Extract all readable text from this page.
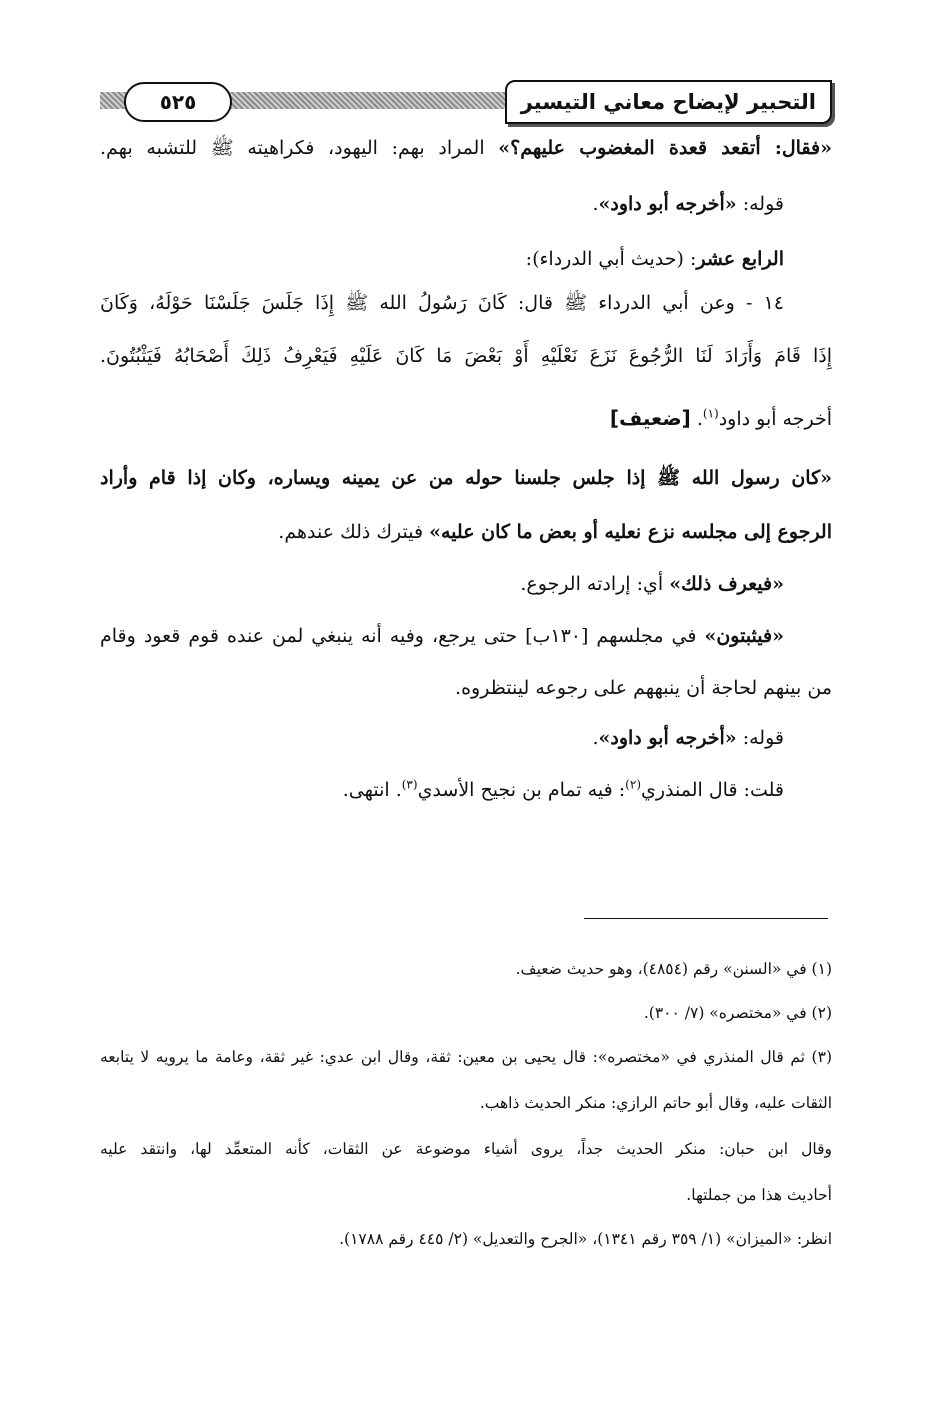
٥٢٥	التحبير لإيضاح معاني التيسير
«فقال: أتقعد قعدة المغضوب عليهم؟» المراد بهم: اليهود، فكراهيته ﷺ للتشبه بهم.
قوله: «أخرجه أبو داود».
الرابع عشر: (حديث أبي الدرداء):
١٤ - وعن أبي الدرداء ﷺ قال: كَانَ رَسُولُ الله ﷺ إِذَا جَلَسَ جَلَسْنَا حَوْلَهُ، وَكَانَ
إِذَا قَامَ وَأَرَادَ لَنَا الرُّجُوعَ نَزَعَ نَعْلَيْهِ أَوْ بَعْضَ مَا كَانَ عَلَيْهِ فَيَعْرِفُ ذَلِكَ أَصْحَابُهُ فَيَثْبُتُونَ.
أخرجه أبو داود$^{(١)}$. [ضعيف]
«كان رسول الله ﷺ إذا جلس جلسنا حوله من عن يمينه ويساره، وكان إذا قام وأراد
الرجوع إلى مجلسه نزع نعليه أو بعض ما كان عليه» فيترك ذلك عندهم.
«فيعرف ذلك» أي: إرادته الرجوع.
«فيثبتون» في مجلسهم [١٣٠ب] حتى يرجع، وفيه أنه ينبغي لمن عنده قوم قعود وقام
من بينهم لحاجة أن ينبههم على رجوعه لينتظروه.
قوله: «أخرجه أبو داود».
قلت: قال المنذري$^{(٢)}$: فيه تمام بن نجيح الأسدي$^{(٣)}$. انتهى.
(١) في «السنن» رقم (٤٨٥٤)، وهو حديث ضعيف.
(٢) في «مختصره» (٧/ ٣٠٠).
(٣) ثم قال المنذري في «مختصره»: قال يحيى بن معين: ثقة، وقال ابن عدي: غير ثقة، وعامة ما يرويه لا يتابعه
الثقات عليه، وقال أبو حاتم الرازي: منكر الحديث ذاهب.
وقال ابن حبان: منكر الحديث جداً، يروى أشياء موضوعة عن الثقات، كأنه المتعمِّد لها، وانتقد عليه
أحاديث هذا من جملتها.
انظر: «الميزان» (١/ ٣٥٩ رقم ١٣٤١)، «الجرح والتعديل» (٢/ ٤٤٥ رقم ١٧٨٨).
